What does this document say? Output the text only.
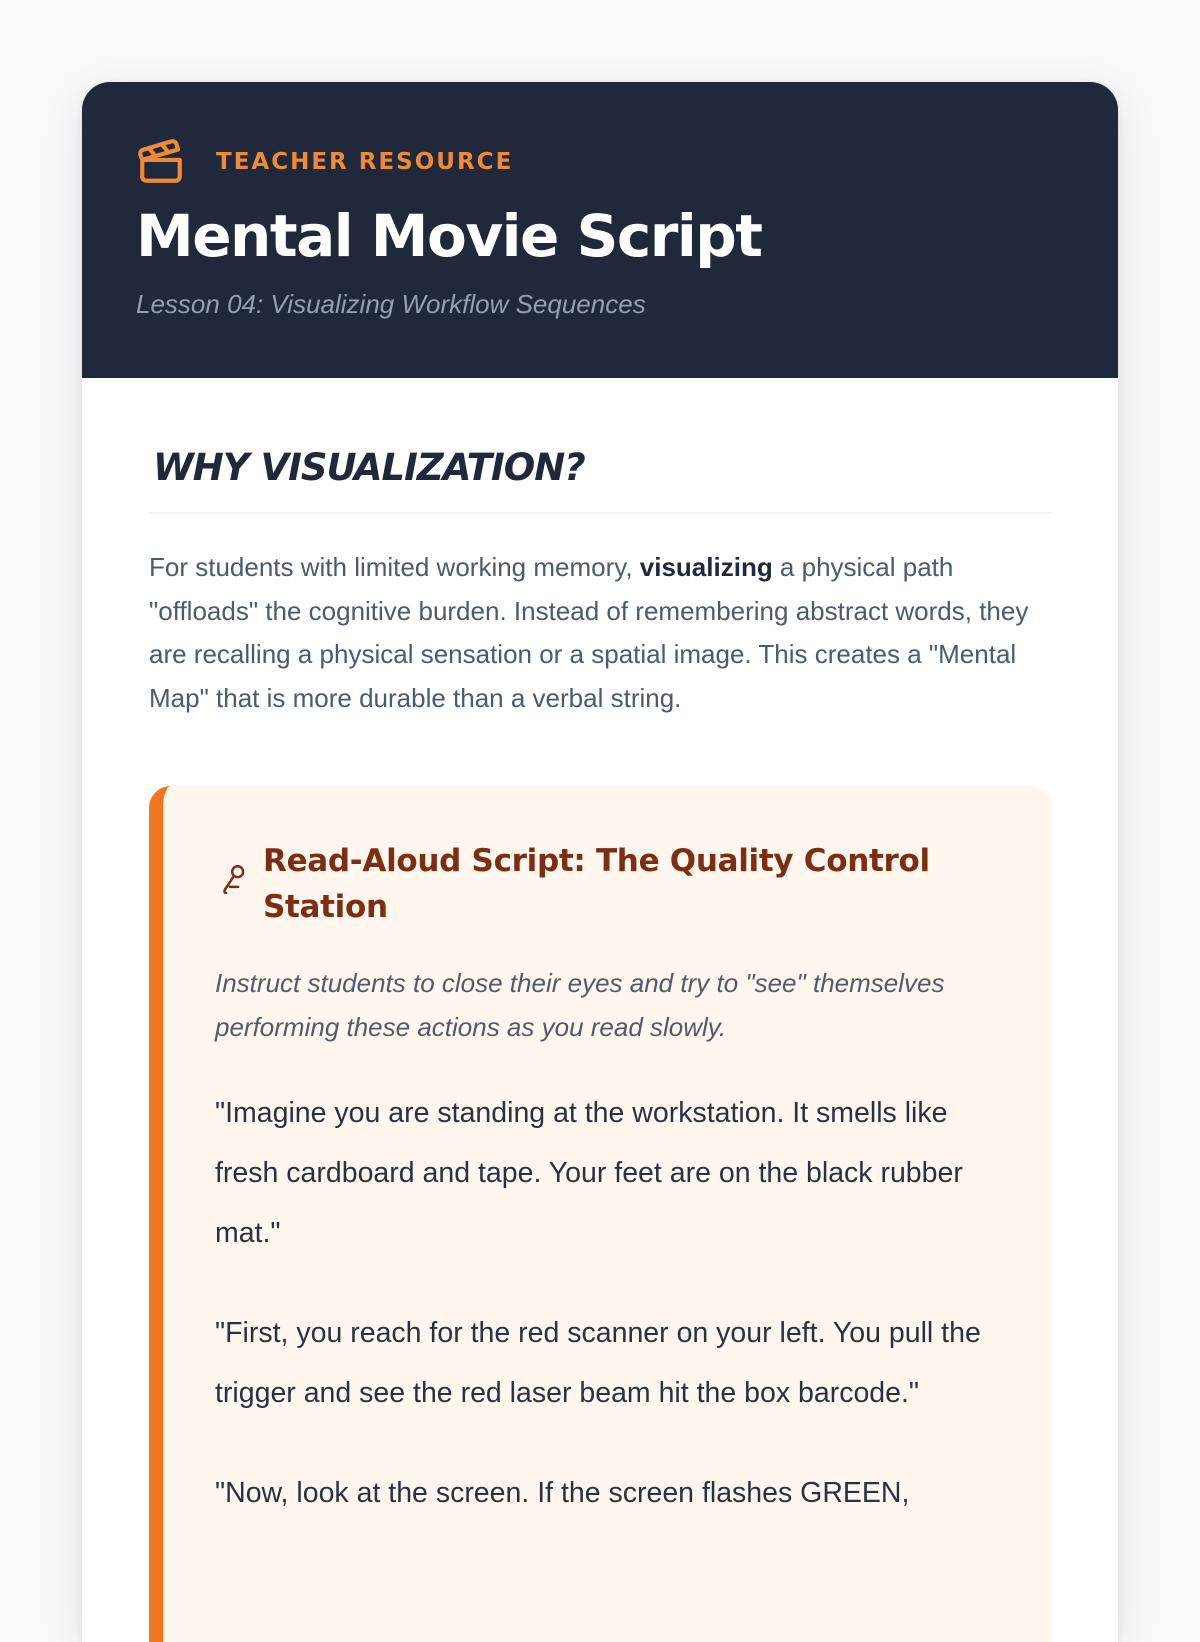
TEACHER RESOURCE
Mental Movie Script
Lesson 04: Visualizing Workflow Sequences
WHY VISUALIZATION?

For students with limited working memory, visualizing a physical path "offloads" the cognitive burden. Instead of remembering abstract words, they are recalling a physical sensation or a spatial image. This creates a "Mental Map" that is more durable than a verbal string.

Read-Aloud Script: The Quality Control Station
Instruct students to close their eyes and try to "see" themselves performing these actions as you read slowly.

"Imagine you are standing at the workstation. It smells like fresh cardboard and tape. Your feet are on the black rubber mat."

"First, you reach for the red scanner on your left. You pull the trigger and see the red laser beam hit the box barcode."

"Now, look at the screen. If the screen flashes GREEN,
